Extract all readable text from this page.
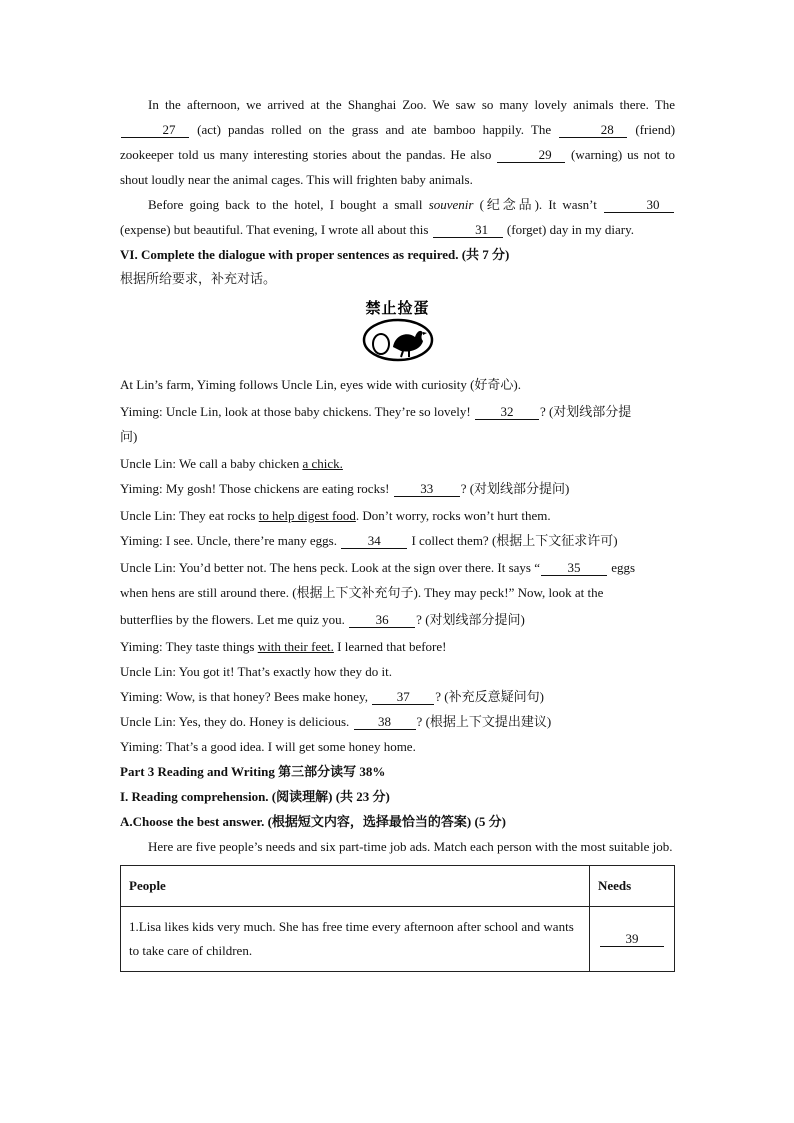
In the afternoon, we arrived at the Shanghai Zoo. We saw so many lovely animals there. The 27 (act) pandas rolled on the grass and ate bamboo happily. The	28 (friend) zookeeper told us many interesting stories about the pandas. He also	29 (warning) us not to shout loudly near the animal cages. This will frighten baby animals.
Before going back to the hotel, I bought a small souvenir (纪念品). It wasn’t	30 (expense) but beautiful. That evening, I wrote all about this	31 (forget) day in my diary.
VI. Complete the dialogue with proper sentences as required. (共 7 分)
根据所给要求，补充对话。
禁止捡蛋
At Lin’s farm, Yiming follows Uncle Lin, eyes wide with curiosity (好奇心).
Yiming: Uncle Lin, look at those baby chickens. They’re so lovely! 32 ? (对划线部分提
问)
Uncle Lin: We call a baby chicken a chick.
Yiming: My gosh! Those chickens are eating rocks! 33 ? (对划线部分提问)
Uncle Lin: They eat rocks to help digest food. Don’t worry, rocks won’t hurt them.
Yiming: I see. Uncle, there’re many eggs. 34 I collect them? (根据上下文征求许可)
Uncle Lin: You’d better not. The hens peck. Look at the sign over there. It says “ 35 eggs
when hens are still around there. (根据上下文补充句子). They may peck!” Now, look at the
butterflies by the flowers. Let me quiz you. 36 ? (对划线部分提问)
Yiming: They taste things with their feet. I learned that before!
Uncle Lin: You got it! That’s exactly how they do it.
Yiming: Wow, is that honey? Bees make honey, 37 ? (补充反意疑问句)
Uncle Lin: Yes, they do. Honey is delicious. 38 ? (根据上下文提出建议)
Yiming: That’s a good idea. I will get some honey home.
Part 3 Reading and Writing 第三部分读写 38%
I. Reading comprehension. (阅读理解) (共 23 分)
A.Choose the best answer. (根据短文内容，选择最恰当的答案) (5 分)
Here are five people’s needs and six part-time job ads. Match each person with the most suitable job.
People	Needs
1.Lisa likes kids very much. She has free time every afternoon after school and wants to take care of children.	39
